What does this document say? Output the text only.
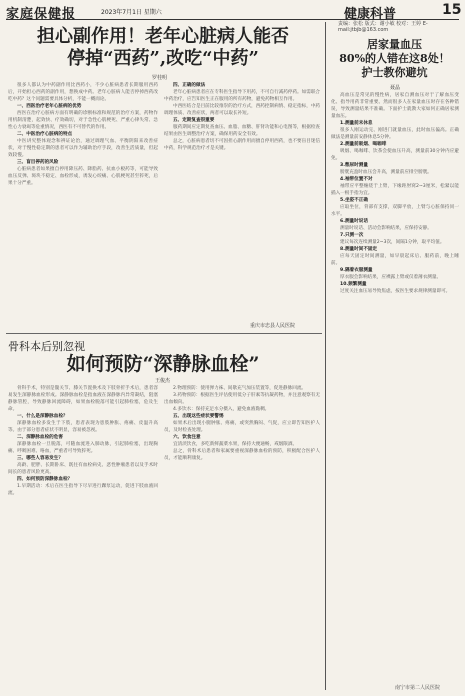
家庭保健报	2023年7月1日 星期六	健康科普	15
责编：张松 版式：谢小敏 校对：王婷 E-mail:jtbjb@163.com
担心副作用！老年心脏病人能否
停掉“西药”,改吃“中药”
罗桂明

很多人都认为中药副作用比西药小，不少心脏病患者长期服用西药后，开始担心西药的副作用，想换成中药。老年心脏病人能否停掉西药改吃中药？这个问题需要具体分析，不能一概而论。

一、西医治疗老年心脏病的优势

西医在治疗心脏病方面有明确的诊断标准和规范的治疗方案，药物作用机制清楚，起效快、疗效确切，对于急性心肌梗死、严重心律失常、急性心力衰竭等危重情况，西医有不可替代的作用。

二、中医治疗心脏病的特点

中医讲究整体观念和辨证论治，通过调理气血、平衡阴阳来改善症状，对于慢性稳定期的患者可以作为辅助治疗手段，改善生活质量，但起效较慢。

三、盲目停药的风险

心脏病患者如果擅自停用降压药、降脂药、抗血小板药等，可能导致血压反弹、斑块不稳定、血栓形成，诱发心绞痛、心肌梗死甚至猝死，后果十分严重。

四、正确的做法

老年心脏病患者应在专科医生指导下用药，不可自行减药停药。如需联合中药治疗，应告知医生正在服用的所有药物，避免药物相互作用。

中西医结合是目前比较推崇的治疗方式，西药控制病情、稳定指标，中药调理体质、改善症状，两者可以取长补短。

五、定期复查很重要

服药期间应定期复查血压、血脂、血糖、肝肾功能和心电图等，根据检查结果由医生调整治疗方案，确保用药安全有效。

总之，心脏病患者切不可因担心副作用而擅自停用西药，也不要盲目迷信中药，科学规范治疗才是关键。

重庆市忠县人民医院
骨科本后别忽视
如何预防“深静脉血栓”
王俊杰

骨科手术，特别是髋关节、膝关节置换术及下肢骨折手术后，患者容易发生深静脉血栓形成。深静脉血栓是指血液在深静脉内异常凝结，阻塞静脉管腔，导致静脉回流障碍，如果血栓脱落可能引起肺栓塞，危及生命。

一、什么是深静脉血栓？

深静脉血栓多发生于下肢，患者表现为患肢肿胀、疼痛、皮温升高等。由于部分患者症状不明显，容易被忽视。

二、深静脉血栓的危害

深静脉血栓一旦脱落，可随血流进入肺动脉，引起肺栓塞，出现胸痛、呼吸困难、咯血，严重者可导致猝死。

三、哪些人容易发生？

高龄、肥胖、长期卧床、既往有血栓病史、恶性肿瘤患者以及手术时间长的患者风险更高。

四、如何预防深静脉血栓？

1.早期活动：术后在医生指导下尽早进行踝泵运动，促进下肢血液回流。

2.物理预防：使用弹力袜、间歇充气加压装置等，促进静脉回流。

3.药物预防：根据医生评估使用低分子肝素等抗凝药物，并注意观察有无出血倾向。

4.多饮水：保持充足水分摄入，避免血液黏稠。

五、出现这些症状要警惕

如果术后出现小腿肿胀、疼痛，或突然胸闷、气促，应立即告知医护人员，及时检查处理。

六、饮食注意

宜清淡饮食，多吃新鲜蔬菜水果，保持大便通畅，戒烟限酒。

总之，骨科术后患者和家属要重视深静脉血栓的预防，积极配合医护人员，才能顺利康复。

居家量血压
80%的人错在这8处！
护士教你避坑
聂晶

高血压是常见的慢性病，居家自测血压对于了解血压变化、指导用药非常重要。然而很多人在家量血压时存在各种错误，导致测量结果不准确。下面护士就教大家如何正确居家测量血压。

1.测量前未休息

很多人刚运动完、刚进门就量血压，此时血压偏高。正确做法是测量前安静休息5分钟。

2.测量前吸烟、喝咖啡

吸烟、喝咖啡、饮茶会使血压升高，测量前30分钟内应避免。

3.憋尿时测量

膀胱充盈时血压会升高，测量前应排空膀胱。

4.袖带位置不对

袖带应平整缠绕于上臂，下缘距肘窝2~3厘米，松紧以能插入一根手指为宜。

5.坐姿不正确

应取坐位，背部有支撑，双脚平放，上臂与心脏保持同一水平。

6.测量时说话

测量时说话、活动会影响结果，应保持安静。

7.只测一次

建议每次连续测量2~3次，间隔1分钟，取平均值。

8.测量时间不固定

应每天固定时间测量，如早晨起床后、服药前，晚上睡前。

9.隔着衣服测量

厚衣服会影响结果，应裸露上臂或仅着薄衣测量。

10.频繁测量

过度关注血压易导致焦虑，按医生要求规律测量即可。

南宁市第二人民医院
